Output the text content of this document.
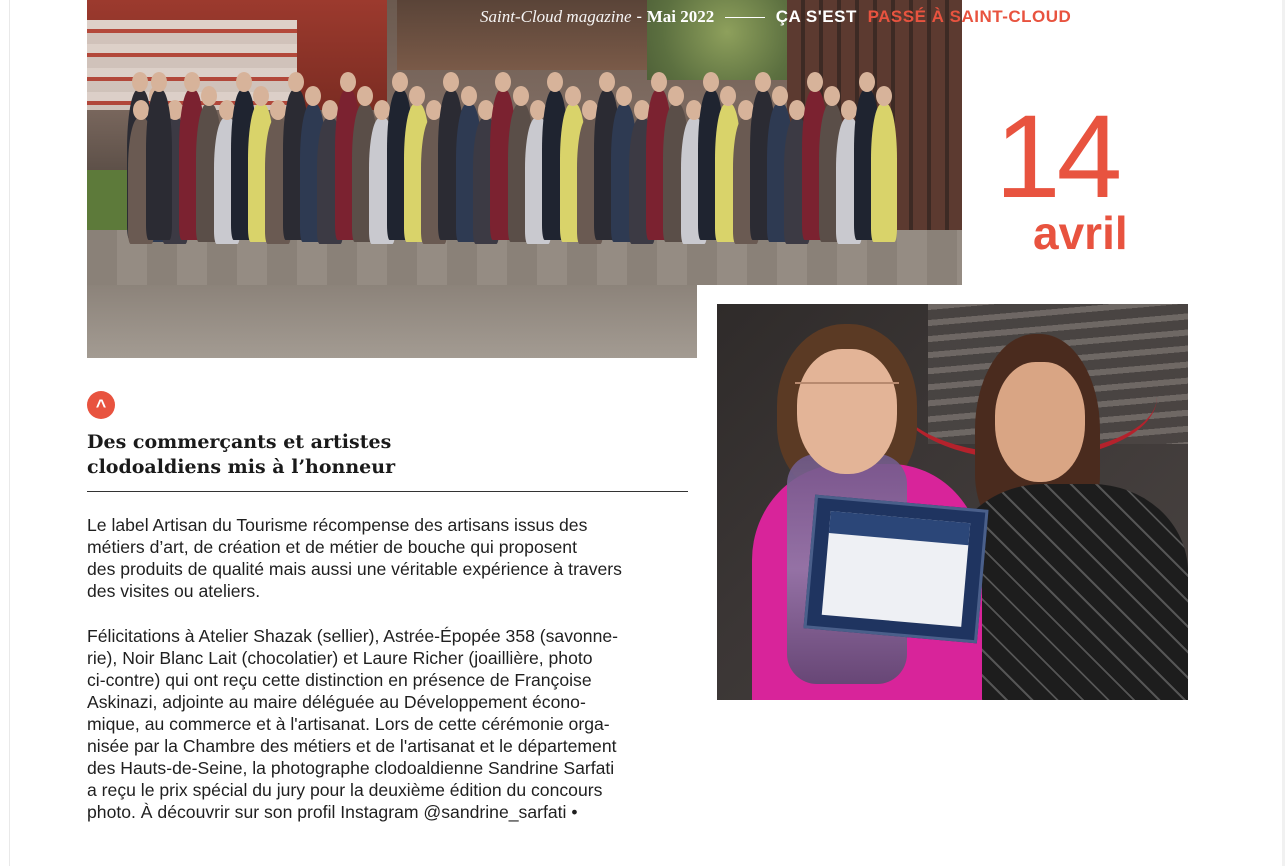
Saint-Cloud magazine - Mai 2022	ÇA S'EST PASSÉ À SAINT-CLOUD
14
avril
^
Des commerçants et artistes
clodoaldiens mis à l’honneur

Le label Artisan du Tourisme récompense des artisans issus des
métiers d’art, de création et de métier de bouche qui proposent
des produits de qualité mais aussi une véritable expérience à travers
des visites ou ateliers.

Félicitations à Atelier Shazak (sellier), Astrée-Épopée 358 (savonne-
rie), Noir Blanc Lait (chocolatier) et Laure Richer (joaillière, photo
ci-contre) qui ont reçu cette distinction en présence de Françoise
Askinazi, adjointe au maire déléguée au Développement écono-
mique, au commerce et à l'artisanat. Lors de cette cérémonie orga-
nisée par la Chambre des métiers et de l'artisanat et le département
des Hauts-de-Seine, la photographe clodoaldienne Sandrine Sarfati
a reçu le prix spécial du jury pour la deuxième édition du concours
photo. À découvrir sur son profil Instagram @sandrine_sarfati •
